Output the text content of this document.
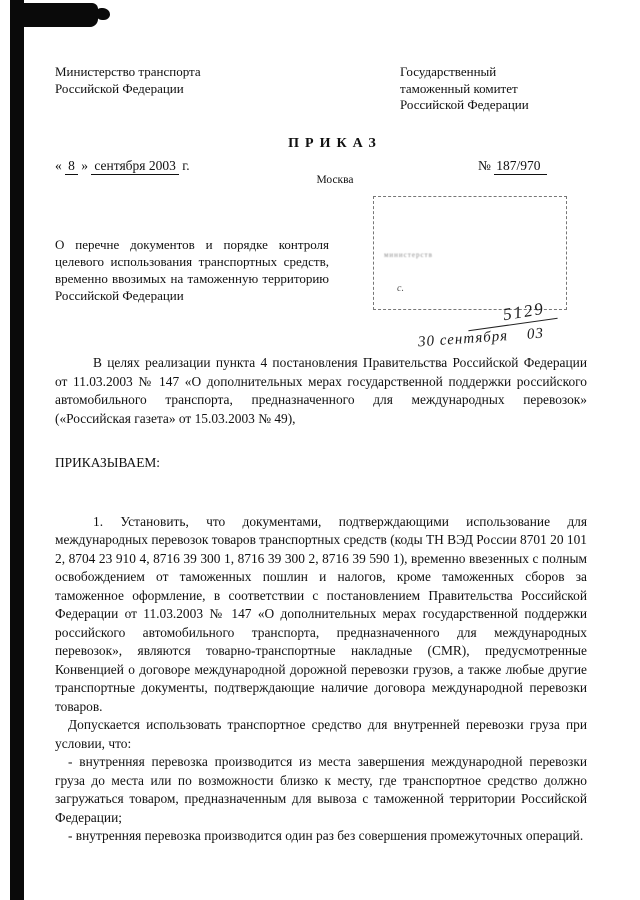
Министерство транспорта
Российской Федерации
Государственный
таможенный комитет
Российской Федерации
ПРИКАЗ
« 8 » сентября 2003 г.	№ 187/970
Москва
О перечне документов и порядке контроля целевого использования транспортных средств, временно ввозимых на таможенную территорию Российской Федерации
министерств
с.
5129
30 сентября    03

В целях реализации пункта 4 постановления Правительства Российской Федерации от 11.03.2003 № 147 «О дополнительных мерах государственной поддержки российского автомобильного транспорта, предназначенного для международных перевозок» («Российская газета» от 15.03.2003 № 49),

ПРИКАЗЫВАЕМ:

1. Установить, что документами, подтверждающими использование для международных перевозок товаров транспортных средств (коды ТН ВЭД России 8701 20 101 2, 8704 23 910 4, 8716 39 300 1, 8716 39 300 2, 8716 39 590 1), временно ввезенных с полным освобождением от таможенных пошлин и налогов, кроме таможенных сборов за таможенное оформление, в соответствии с постановлением Правительства Российской Федерации от 11.03.2003 № 147 «О дополнительных мерах государственной поддержки российского автомобильного транспорта, предназначенного для международных перевозок», являются товарно-транспортные накладные (CMR), предусмотренные Конвенцией о договоре международной дорожной перевозки грузов, а также любые другие транспортные документы, подтверждающие наличие договора международной перевозки товаров.

Допускается использовать транспортное средство для внутренней перевозки груза при условии, что:

- внутренняя перевозка производится из места завершения международной перевозки груза до места или по возможности близко к месту, где транспортное средство должно загружаться товаром, предназначенным для вывоза с таможенной территории Российской Федерации;

- внутренняя перевозка производится один раз без совершения промежуточных операций.
